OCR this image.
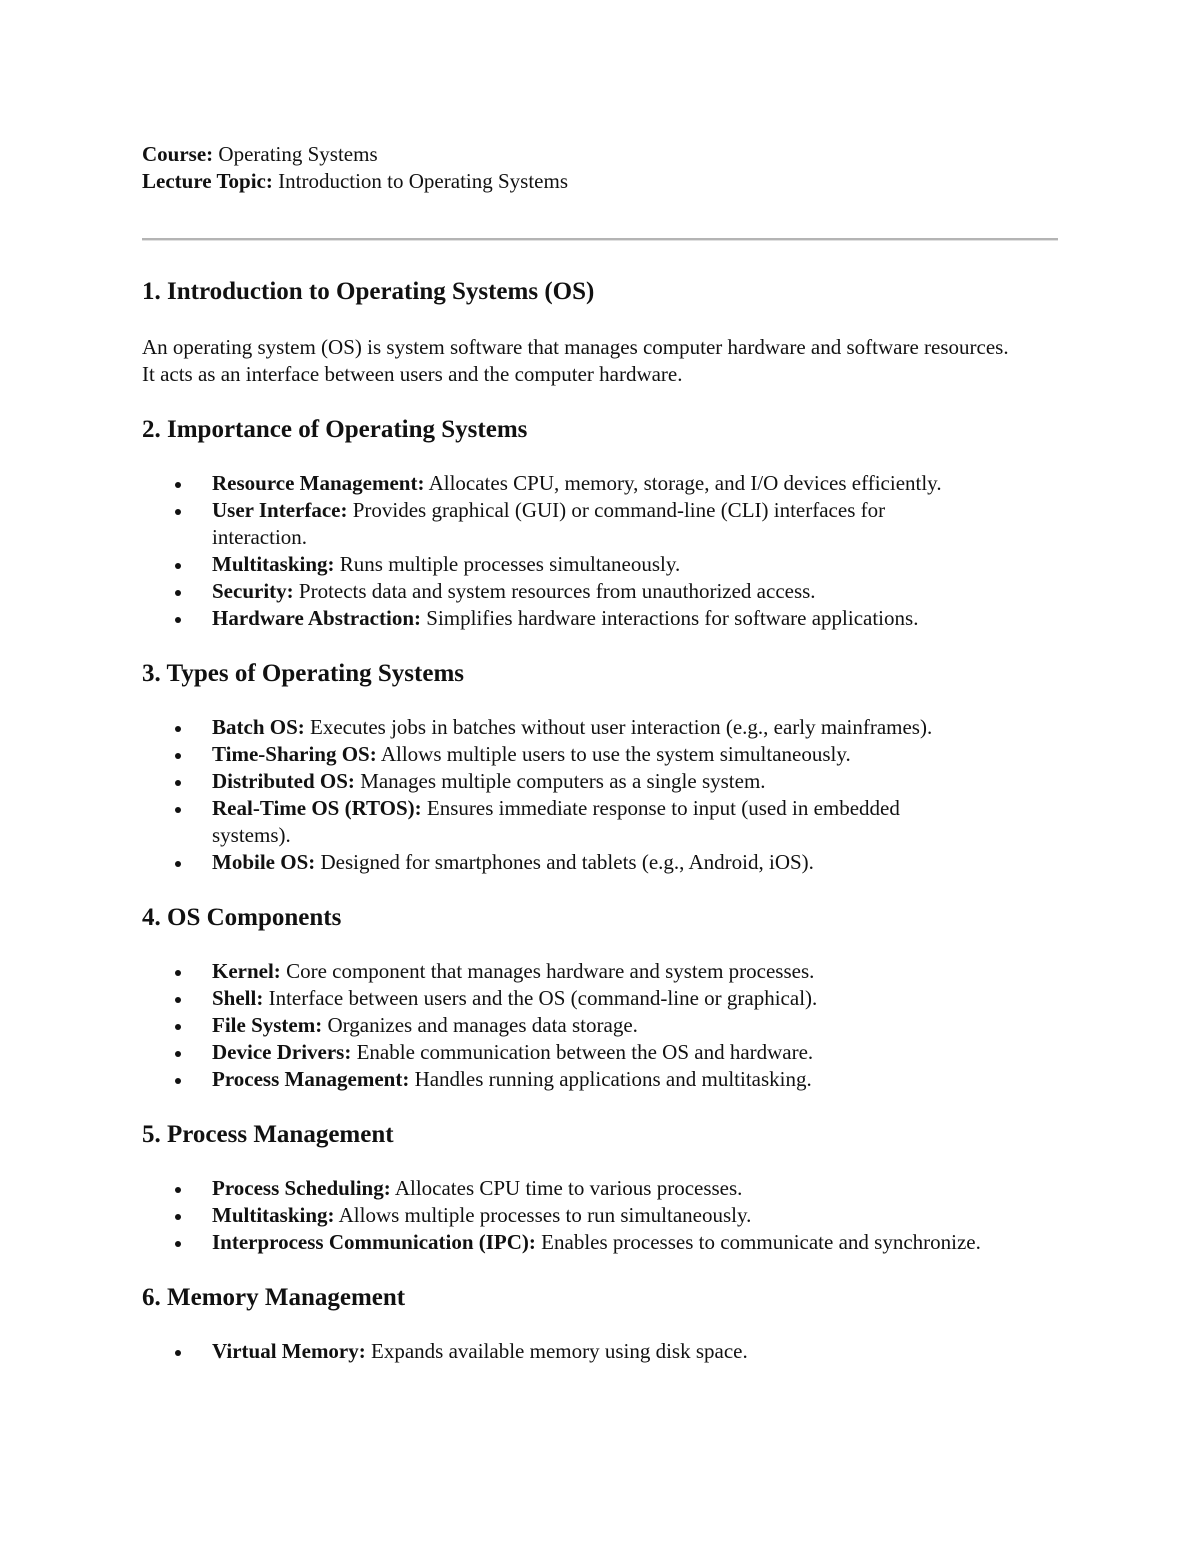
Course: Operating Systems
Lecture Topic: Introduction to Operating Systems
1. Introduction to Operating Systems (OS)

An operating system (OS) is system software that manages computer hardware and software resources. It acts as an interface between users and the computer hardware.

2. Importance of Operating Systems
Resource Management: Allocates CPU, memory, storage, and I/O devices efficiently.
User Interface: Provides graphical (GUI) or command-line (CLI) interfaces for interaction.
Multitasking: Runs multiple processes simultaneously.
Security: Protects data and system resources from unauthorized access.
Hardware Abstraction: Simplifies hardware interactions for software applications.
3. Types of Operating Systems
Batch OS: Executes jobs in batches without user interaction (e.g., early mainframes).
Time-Sharing OS: Allows multiple users to use the system simultaneously.
Distributed OS: Manages multiple computers as a single system.
Real-Time OS (RTOS): Ensures immediate response to input (used in embedded systems).
Mobile OS: Designed for smartphones and tablets (e.g., Android, iOS).
4. OS Components
Kernel: Core component that manages hardware and system processes.
Shell: Interface between users and the OS (command-line or graphical).
File System: Organizes and manages data storage.
Device Drivers: Enable communication between the OS and hardware.
Process Management: Handles running applications and multitasking.
5. Process Management
Process Scheduling: Allocates CPU time to various processes.
Multitasking: Allows multiple processes to run simultaneously.
Interprocess Communication (IPC): Enables processes to communicate and synchronize.
6. Memory Management
Virtual Memory: Expands available memory using disk space.
